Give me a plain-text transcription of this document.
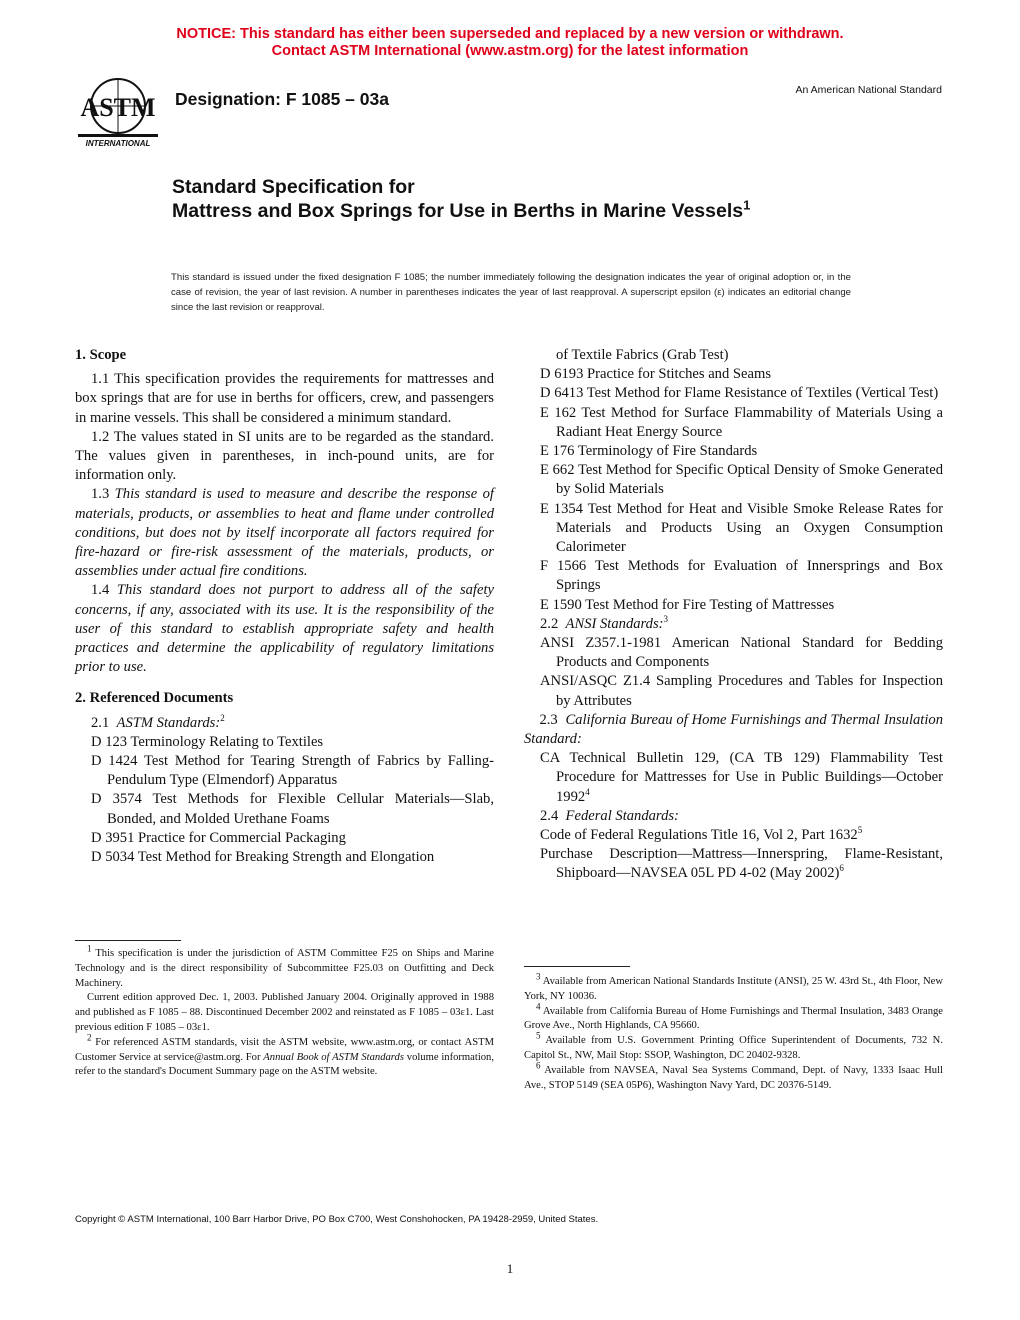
NOTICE: This standard has either been superseded and replaced by a new version or withdrawn.
Contact ASTM International (www.astm.org) for the latest information
ASTM
INTERNATIONAL
Designation: F 1085 – 03a	An American National Standard
Standard Specification for
Mattress and Box Springs for Use in Berths in Marine Vessels$^1$
This standard is issued under the fixed designation F 1085; the number immediately following the designation indicates the year of original adoption or, in the case of revision, the year of last revision. A number in parentheses indicates the year of last reapproval. A superscript epsilon (ε) indicates an editorial change since the last revision or reapproval.

1. Scope

1.1 This specification provides the requirements for mattresses and box springs that are for use in berths for officers, crew, and passengers in marine vessels. This shall be considered a minimum standard.

1.2 The values stated in SI units are to be regarded as the standard. The values given in parentheses, in inch-pound units, are for information only.

1.3 This standard is used to measure and describe the response of materials, products, or assemblies to heat and flame under controlled conditions, but does not by itself incorporate all factors required for fire-hazard or fire-risk assessment of the materials, products, or assemblies under actual fire conditions.

1.4 This standard does not purport to address all of the safety concerns, if any, associated with its use. It is the responsibility of the user of this standard to establish appropriate safety and health practices and determine the applicability of regulatory limitations prior to use.

2. Referenced Documents

2.1 ASTM Standards:$^2$

D 123 Terminology Relating to Textiles

D 1424 Test Method for Tearing Strength of Fabrics by Falling-Pendulum Type (Elmendorf) Apparatus

D 3574 Test Methods for Flexible Cellular Materials—Slab, Bonded, and Molded Urethane Foams

D 3951 Practice for Commercial Packaging

D 5034 Test Method for Breaking Strength and Elongation

of Textile Fabrics (Grab Test)

D 6193 Practice for Stitches and Seams

D 6413 Test Method for Flame Resistance of Textiles (Vertical Test)

E 162 Test Method for Surface Flammability of Materials Using a Radiant Heat Energy Source

E 176 Terminology of Fire Standards

E 662 Test Method for Specific Optical Density of Smoke Generated by Solid Materials

E 1354 Test Method for Heat and Visible Smoke Release Rates for Materials and Products Using an Oxygen Consumption Calorimeter

F 1566 Test Methods for Evaluation of Innersprings and Box Springs

E 1590 Test Method for Fire Testing of Mattresses

2.2 ANSI Standards:$^3$

ANSI Z357.1-1981 American National Standard for Bedding Products and Components

ANSI/ASQC Z1.4 Sampling Procedures and Tables for Inspection by Attributes

2.3 California Bureau of Home Furnishings and Thermal Insulation Standard:

CA Technical Bulletin 129, (CA TB 129) Flammability Test Procedure for Mattresses for Use in Public Buildings—October 1992$^4$

2.4 Federal Standards:

Code of Federal Regulations Title 16, Vol 2, Part 1632$^5$

Purchase Description—Mattress—Innerspring, Flame-Resistant, Shipboard—NAVSEA 05L PD 4-02 (May 2002)$^6$

$^1$ This specification is under the jurisdiction of ASTM Committee F25 on Ships and Marine Technology and is the direct responsibility of Subcommittee F25.03 on Outfitting and Deck Machinery.

Current edition approved Dec. 1, 2003. Published January 2004. Originally approved in 1988 and published as F 1085 – 88. Discontinued December 2002 and reinstated as F 1085 – 03ε1. Last previous edition F 1085 – 03ε1.

$^2$ For referenced ASTM standards, visit the ASTM website, www.astm.org, or contact ASTM Customer Service at service@astm.org. For Annual Book of ASTM Standards volume information, refer to the standard's Document Summary page on the ASTM website.

$^3$ Available from American National Standards Institute (ANSI), 25 W. 43rd St., 4th Floor, New York, NY 10036.

$^4$ Available from California Bureau of Home Furnishings and Thermal Insulation, 3483 Orange Grove Ave., North Highlands, CA 95660.

$^5$ Available from U.S. Government Printing Office Superintendent of Documents, 732 N. Capitol St., NW, Mail Stop: SSOP, Washington, DC 20402-9328.

$^6$ Available from NAVSEA, Naval Sea Systems Command, Dept. of Navy, 1333 Isaac Hull Ave., STOP 5149 (SEA 05P6), Washington Navy Yard, DC 20376-5149.

Copyright © ASTM International, 100 Barr Harbor Drive, PO Box C700, West Conshohocken, PA 19428-2959, United States.
1
